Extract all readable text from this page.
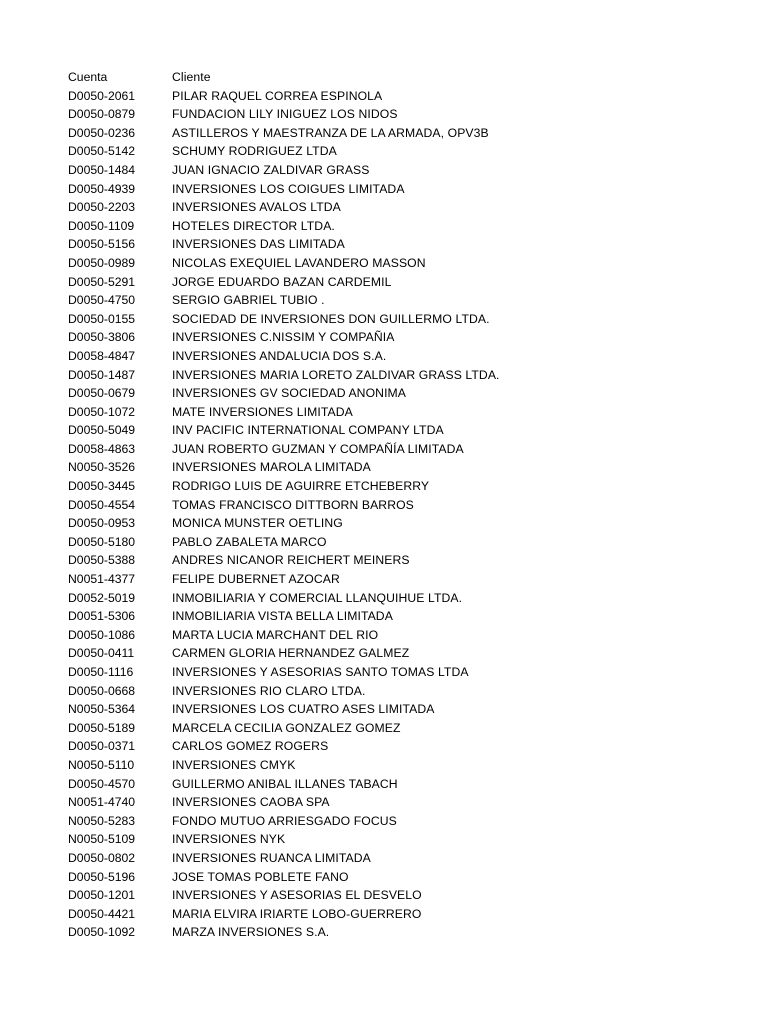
Cuenta	Cliente
D0050-2061	PILAR RAQUEL CORREA ESPINOLA
D0050-0879	FUNDACION LILY INIGUEZ LOS NIDOS
D0050-0236	ASTILLEROS Y MAESTRANZA DE LA ARMADA, OPV3B
D0050-5142	SCHUMY RODRIGUEZ LTDA
D0050-1484	JUAN IGNACIO ZALDIVAR GRASS
D0050-4939	INVERSIONES LOS COIGUES LIMITADA
D0050-2203	INVERSIONES AVALOS LTDA
D0050-1109	HOTELES DIRECTOR LTDA.
D0050-5156	INVERSIONES DAS LIMITADA
D0050-0989	NICOLAS EXEQUIEL LAVANDERO MASSON
D0050-5291	JORGE EDUARDO BAZAN CARDEMIL
D0050-4750	SERGIO GABRIEL TUBIO .
D0050-0155	SOCIEDAD DE INVERSIONES DON GUILLERMO LTDA.
D0050-3806	INVERSIONES C.NISSIM Y COMPAÑIA
D0058-4847	INVERSIONES ANDALUCIA DOS S.A.
D0050-1487	INVERSIONES MARIA LORETO ZALDIVAR GRASS LTDA.
D0050-0679	INVERSIONES GV SOCIEDAD ANONIMA
D0050-1072	MATE INVERSIONES LIMITADA
D0050-5049	INV PACIFIC INTERNATIONAL COMPANY LTDA
D0058-4863	JUAN ROBERTO GUZMAN Y COMPAÑÍA LIMITADA
N0050-3526	INVERSIONES MAROLA LIMITADA
D0050-3445	RODRIGO LUIS DE AGUIRRE ETCHEBERRY
D0050-4554	TOMAS FRANCISCO DITTBORN BARROS
D0050-0953	MONICA MUNSTER OETLING
D0050-5180	PABLO ZABALETA MARCO
D0050-5388	ANDRES NICANOR REICHERT MEINERS
N0051-4377	FELIPE DUBERNET AZOCAR
D0052-5019	INMOBILIARIA Y COMERCIAL LLANQUIHUE LTDA.
D0051-5306	INMOBILIARIA VISTA BELLA LIMITADA
D0050-1086	MARTA LUCIA MARCHANT DEL RIO
D0050-0411	CARMEN GLORIA HERNANDEZ GALMEZ
D0050-1116	INVERSIONES Y ASESORIAS SANTO TOMAS LTDA
D0050-0668	INVERSIONES RIO CLARO LTDA.
N0050-5364	INVERSIONES LOS CUATRO ASES LIMITADA
D0050-5189	MARCELA CECILIA GONZALEZ GOMEZ
D0050-0371	CARLOS GOMEZ ROGERS
N0050-5110	INVERSIONES CMYK
D0050-4570	GUILLERMO ANIBAL ILLANES TABACH
N0051-4740	INVERSIONES CAOBA SPA
N0050-5283	FONDO MUTUO ARRIESGADO FOCUS
N0050-5109	INVERSIONES NYK
D0050-0802	INVERSIONES RUANCA LIMITADA
D0050-5196	JOSE TOMAS POBLETE FANO
D0050-1201	INVERSIONES Y ASESORIAS EL DESVELO
D0050-4421	MARIA ELVIRA IRIARTE LOBO-GUERRERO
D0050-1092	MARZA INVERSIONES S.A.
